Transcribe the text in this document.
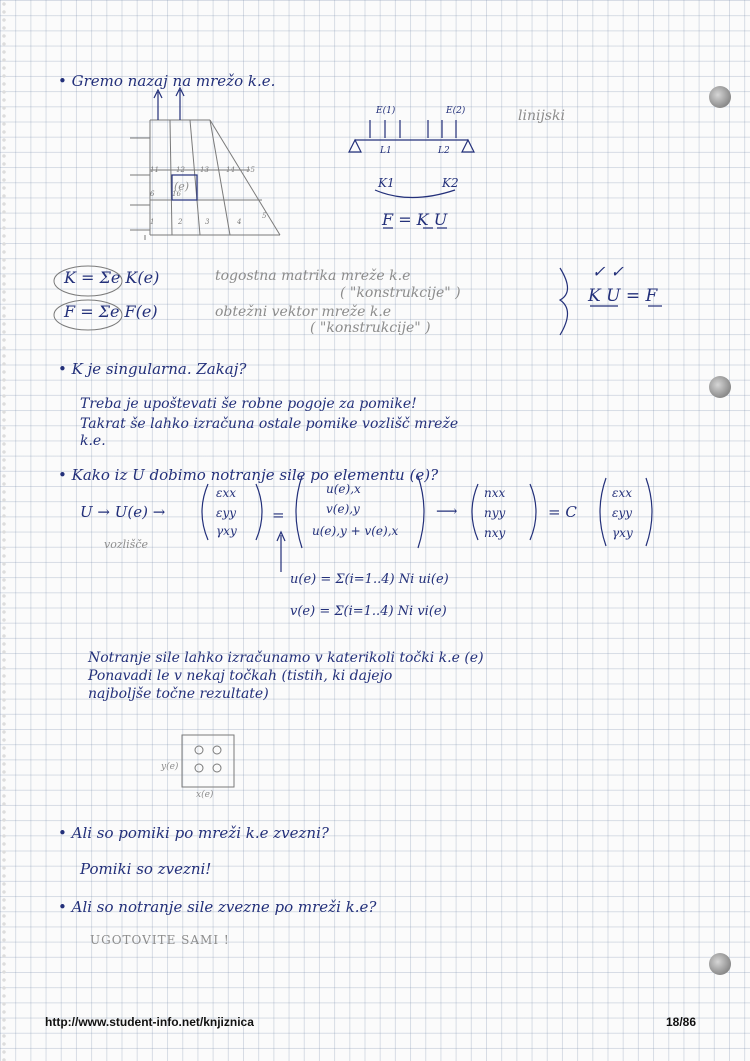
1	2	3	4
5
6
11 12 13 14 15
16
• Gremo nazaj na mrežo k.e.
(e)
E(1)	E(2)
L1	L2
linijski
K1	K2
F = K U
K = Σe K(e)
F = Σe F(e)
togostna matrika mreže k.e
( "konstrukcije" )
obtežni vektor mreže k.e
( "konstrukcije" )
✓ ✓
K U = F
• K je singularna. Zakaj?
Treba je upoštevati še robne pogoje za pomike!
Takrat še lahko izračuna ostale pomike vozlišč mreže
k.e.
• Kako iz U dobimo notranje sile po elementu (e)?
U → U(e) →
εxx
εyy
γxy
=
u(e),x
v(e),y
u(e),y + v(e),x
⟶
nxx
nyy
nxy
= C
εxx
εyy
γxy
vozlišče
u(e) = Σ(i=1..4) Ni ui(e)
v(e) = Σ(i=1..4) Ni vi(e)
Notranje sile lahko izračunamo v katerikoli točki k.e (e)
Ponavadi le v nekaj točkah (tistih, ki dajejo
najboljše točne rezultate)
y(e)
x(e)
• Ali so pomiki po mreži k.e zvezni?
Pomiki so zvezni!
• Ali so notranje sile zvezne po mreži k.e?
UGOTOVITE SAMI !
http://www.student-info.net/knjiznica	18/86
